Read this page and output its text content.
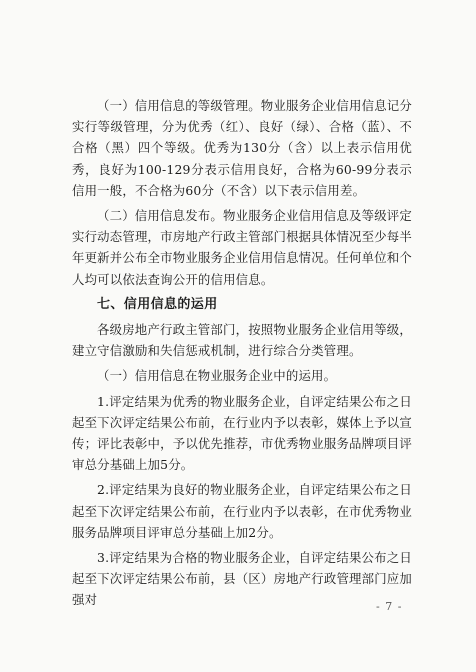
（一）信用信息的等级管理。物业服务企业信用信息记分实行等级管理，分为优秀（红）、良好（绿）、合格（蓝）、不合格（黑）四个等级。优秀为130分（含）以上表示信用优秀，良好为100-129分表示信用良好，合格为60-99分表示信用一般，不合格为60分（不含）以下表示信用差。

（二）信用信息发布。物业服务企业信用信息及等级评定实行动态管理，市房地产行政主管部门根据具体情况至少每半年更新并公布全市物业服务企业信用信息情况。任何单位和个人均可以依法查询公开的信用信息。

七、信用信息的运用

各级房地产行政主管部门，按照物业服务企业信用等级，建立守信激励和失信惩戒机制，进行综合分类管理。

（一）信用信息在物业服务企业中的运用。

1.评定结果为优秀的物业服务企业，自评定结果公布之日起至下次评定结果公布前，在行业内予以表彰，媒体上予以宣传；评比表彰中，予以优先推荐，市优秀物业服务品牌项目评审总分基础上加5分。

2.评定结果为良好的物业服务企业，自评定结果公布之日起至下次评定结果公布前，在行业内予以表彰，在市优秀物业服务品牌项目评审总分基础上加2分。

3.评定结果为合格的物业服务企业，自评定结果公布之日起至下次评定结果公布前，县（区）房地产行政管理部门应加强对	- 7 -
